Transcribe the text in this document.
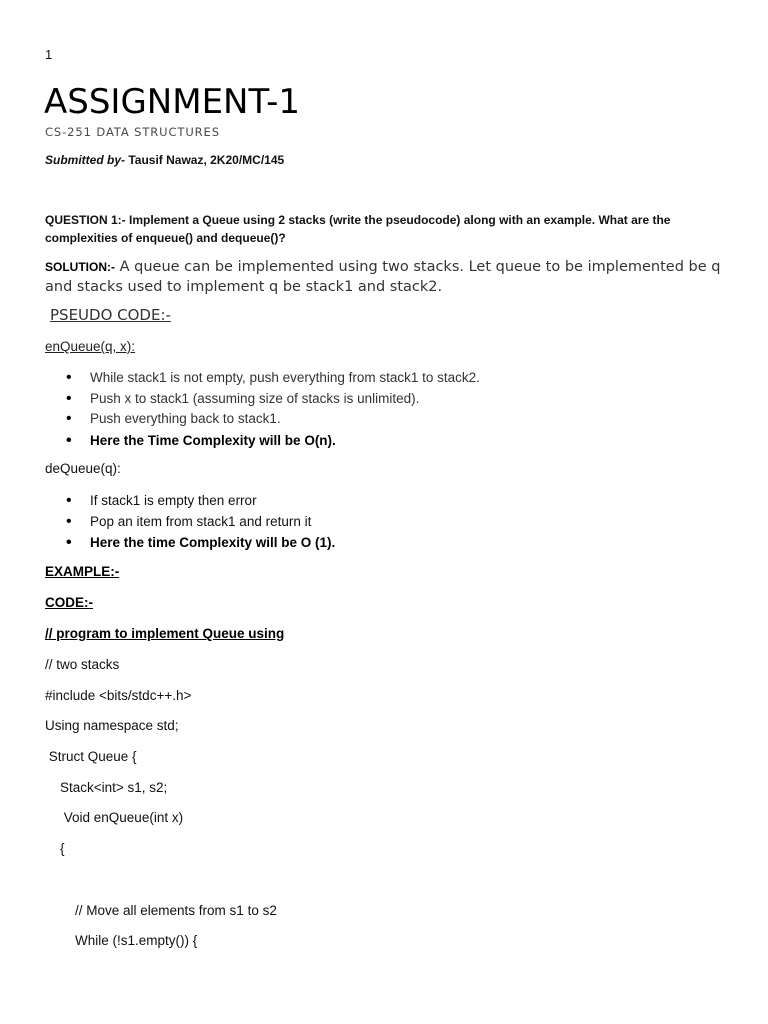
1
ASSIGNMENT-1
CS-251 DATA STRUCTURES
Submitted by- Tausif Nawaz, 2K20/MC/145
QUESTION 1:- Implement a Queue using 2 stacks (write the pseudocode) along with an example. What are the complexities of enqueue() and dequeue()?
SOLUTION:- A queue can be implemented using two stacks. Let queue to be implemented be q and stacks used to implement q be stack1 and stack2.
PSEUDO CODE:-
enQueue(q, x):
• While stack1 is not empty, push everything from stack1 to stack2.
• Push x to stack1 (assuming size of stacks is unlimited).
• Push everything back to stack1.
• Here the Time Complexity will be O(n).
deQueue(q):
• If stack1 is empty then error
• Pop an item from stack1 and return it
• Here the time Complexity will be O (1).
EXAMPLE:-
CODE:-
// program to implement Queue using
// two stacks
#include <bits/stdc++.h>
Using namespace std;
Struct Queue {
Stack<int> s1, s2;
Void enQueue(int x)
{
// Move all elements from s1 to s2
While (!s1.empty()) {
